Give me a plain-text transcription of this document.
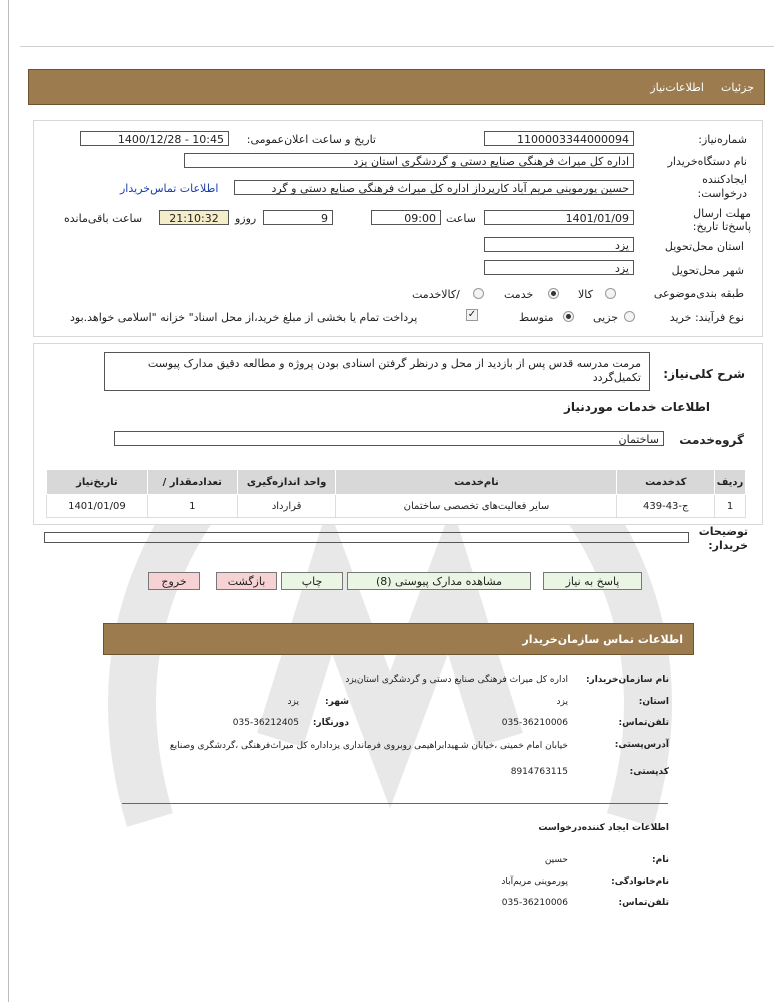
جزئیات
اطلاعات‌نیاز
شماره‌نیاز:
1100003344000094
تاریخ و ساعت اعلان‌عمومی:
1400/12/28 - 10:45
نام دستگاه‌خریدار
اداره کل میراث فرهنگی صنایع دستی و گردشگری استان یزد
ایجادکننده درخواست:
حسین پورموینی مریم آباد کارپرداز اداره کل میراث فرهنگی صنایع دستی و گرد
اطلاعات تماس‌خریدار
مهلت ارسال پاسخ‌تا تاریخ:
1401/01/09
ساعت
09:00
9
روزو
21:10:32
ساعت باقی‌مانده
استان محل‌تحویل
یزد
شهر محل‌تحویل
یزد
طبقه بندی‌موضوعی
کالا
خدمت
/کالاخدمت
نوع فرآیند: خرید
جزیی
متوسط
✓
پرداخت تمام یا بخشی از مبلغ خرید،از محل اسناد" خزانه "اسلامی خواهد.بود
شرح کلی‌نیاز:
مرمت مدرسه قدس پس از بازدید از محل و درنظر گرفتن اسنادی بودن پروژه و مطالعه دقیق مدارک پیوست تکمیل‌گردد
اطلاعات خدمات موردنیاز
گروه‌خدمت
ساختمان
تاریخ‌نیاز	/ تعدادمقدار	واحد اندازه‌گیری	نام‌خدمت	کدخدمت	ردیف
1401/01/09	1	قرارداد	سایر فعالیت‌های تخصصی ساختمان	ج-43-439	1
توضیحات خریدار:
پاسخ به نیاز
مشاهده مدارک پیوستی (8)
چاپ
بازگشت
خروج
اطلاعات تماس سازمان‌خریدار
نام سازمان‌خریدار:
اداره کل میراث فرهنگی صنایع دستی و گردشگری استان‌یزد
استان:
یزد
شهر:
یزد
تلفن‌تماس:
035-36210006
دورنگار:
035-36212405
آدرس‌پستی:
خیابان امام خمینی ،خیابان شـهیدابراهیمی روبروی فرمانداری یزداداره کل میراث‌فرهنگی ،گردشگری وصنایع
کدپستی:
8914763115
اطلاعات ایجاد کننده‌درخواست
نام:
حسین
نام‌خانوادگی:
پورموینی مریم‌آباد
تلفن‌تماس:
035-36210006
